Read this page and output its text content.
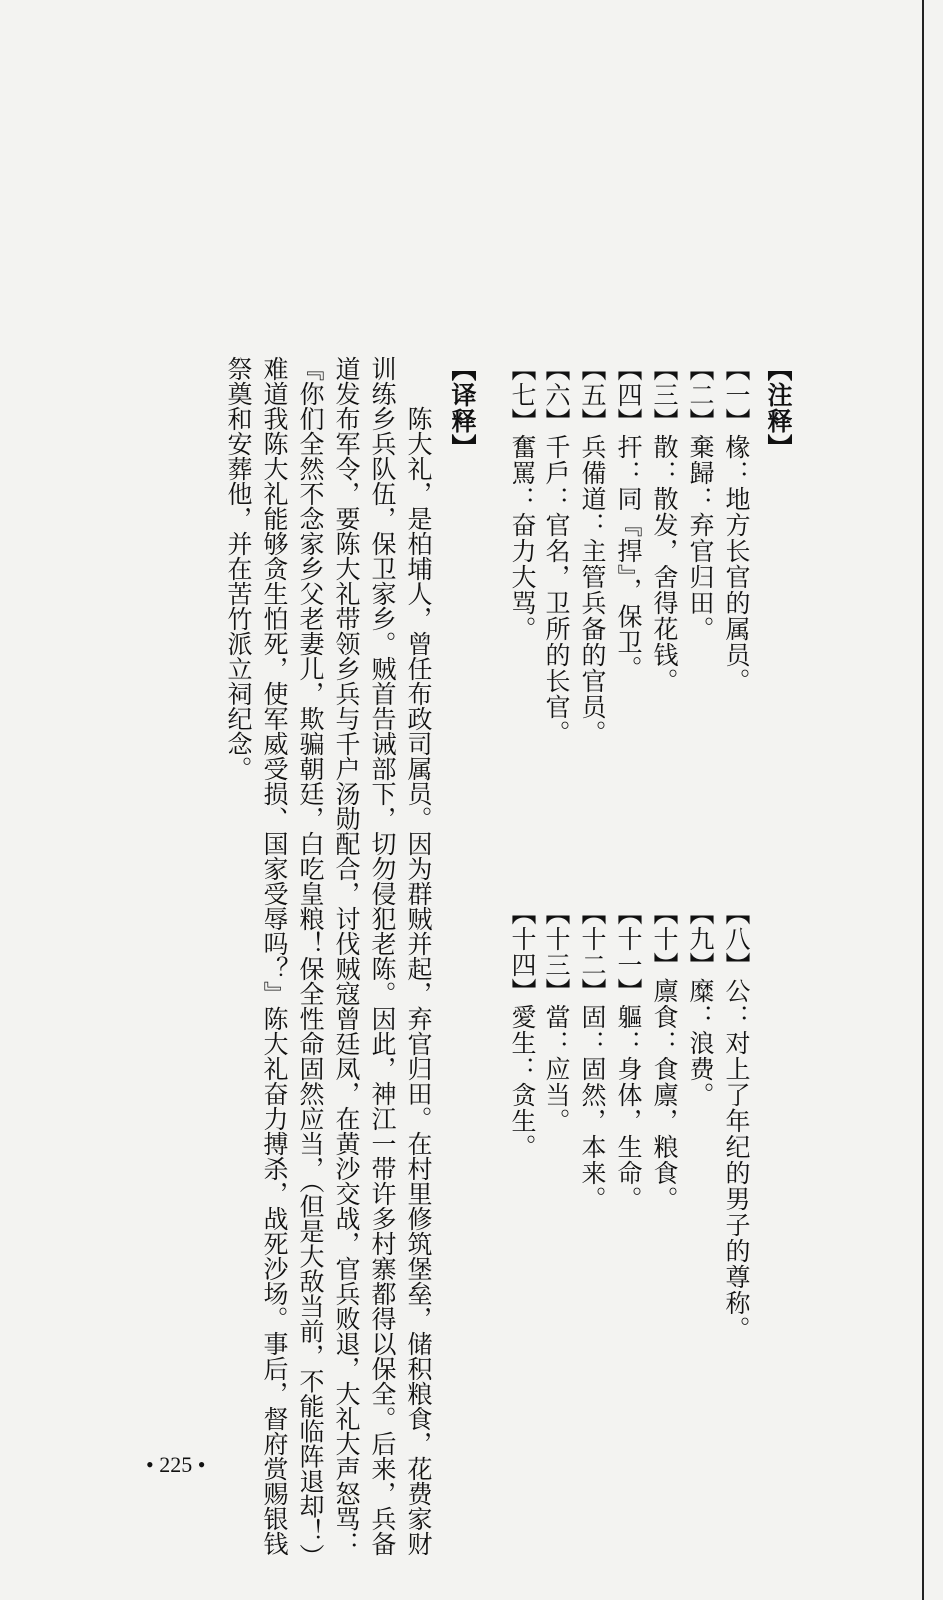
【注释】
【一】椽：地方长官的属员。
【二】棄歸：弃官归田。
【三】散：散发，舍得花钱。
【四】扞：同『捍』，保卫。
【五】兵備道：主管兵备的官员。
【六】千戶：官名，卫所的长官。
【七】奮罵：奋力大骂。
【八】公：对上了年纪的男子的尊称。
【九】糜：浪费。
【十】廪食：食廪，粮食。
【十一】軀：身体，生命。
【十二】固：固然，本来。
【十三】當：应当。
【十四】愛生：贪生。
【译释】
　　陈大礼，是柏埔人，曾任布政司属员。因为群贼并起，弃官归田。在村里修筑堡垒，储积粮食，花费家财
训练乡兵队伍，保卫家乡。贼首告诫部下，切勿侵犯老陈。因此，神江一带许多村寨都得以保全。后来，兵备
道发布军令，要陈大礼带领乡兵与千户汤勋配合，讨伐贼寇曾廷凤，在黄沙交战，官兵败退，大礼大声怒骂：
『你们全然不念家乡父老妻儿，欺骗朝廷，白吃皇粮！保全性命固然应当，（但是大敌当前，不能临阵退却！）
难道我陈大礼能够贪生怕死，使军威受损、国家受辱吗？』陈大礼奋力搏杀，战死沙场。事后，督府赏赐银钱
祭奠和安葬他，并在苦竹派立祠纪念。
• 225 •
